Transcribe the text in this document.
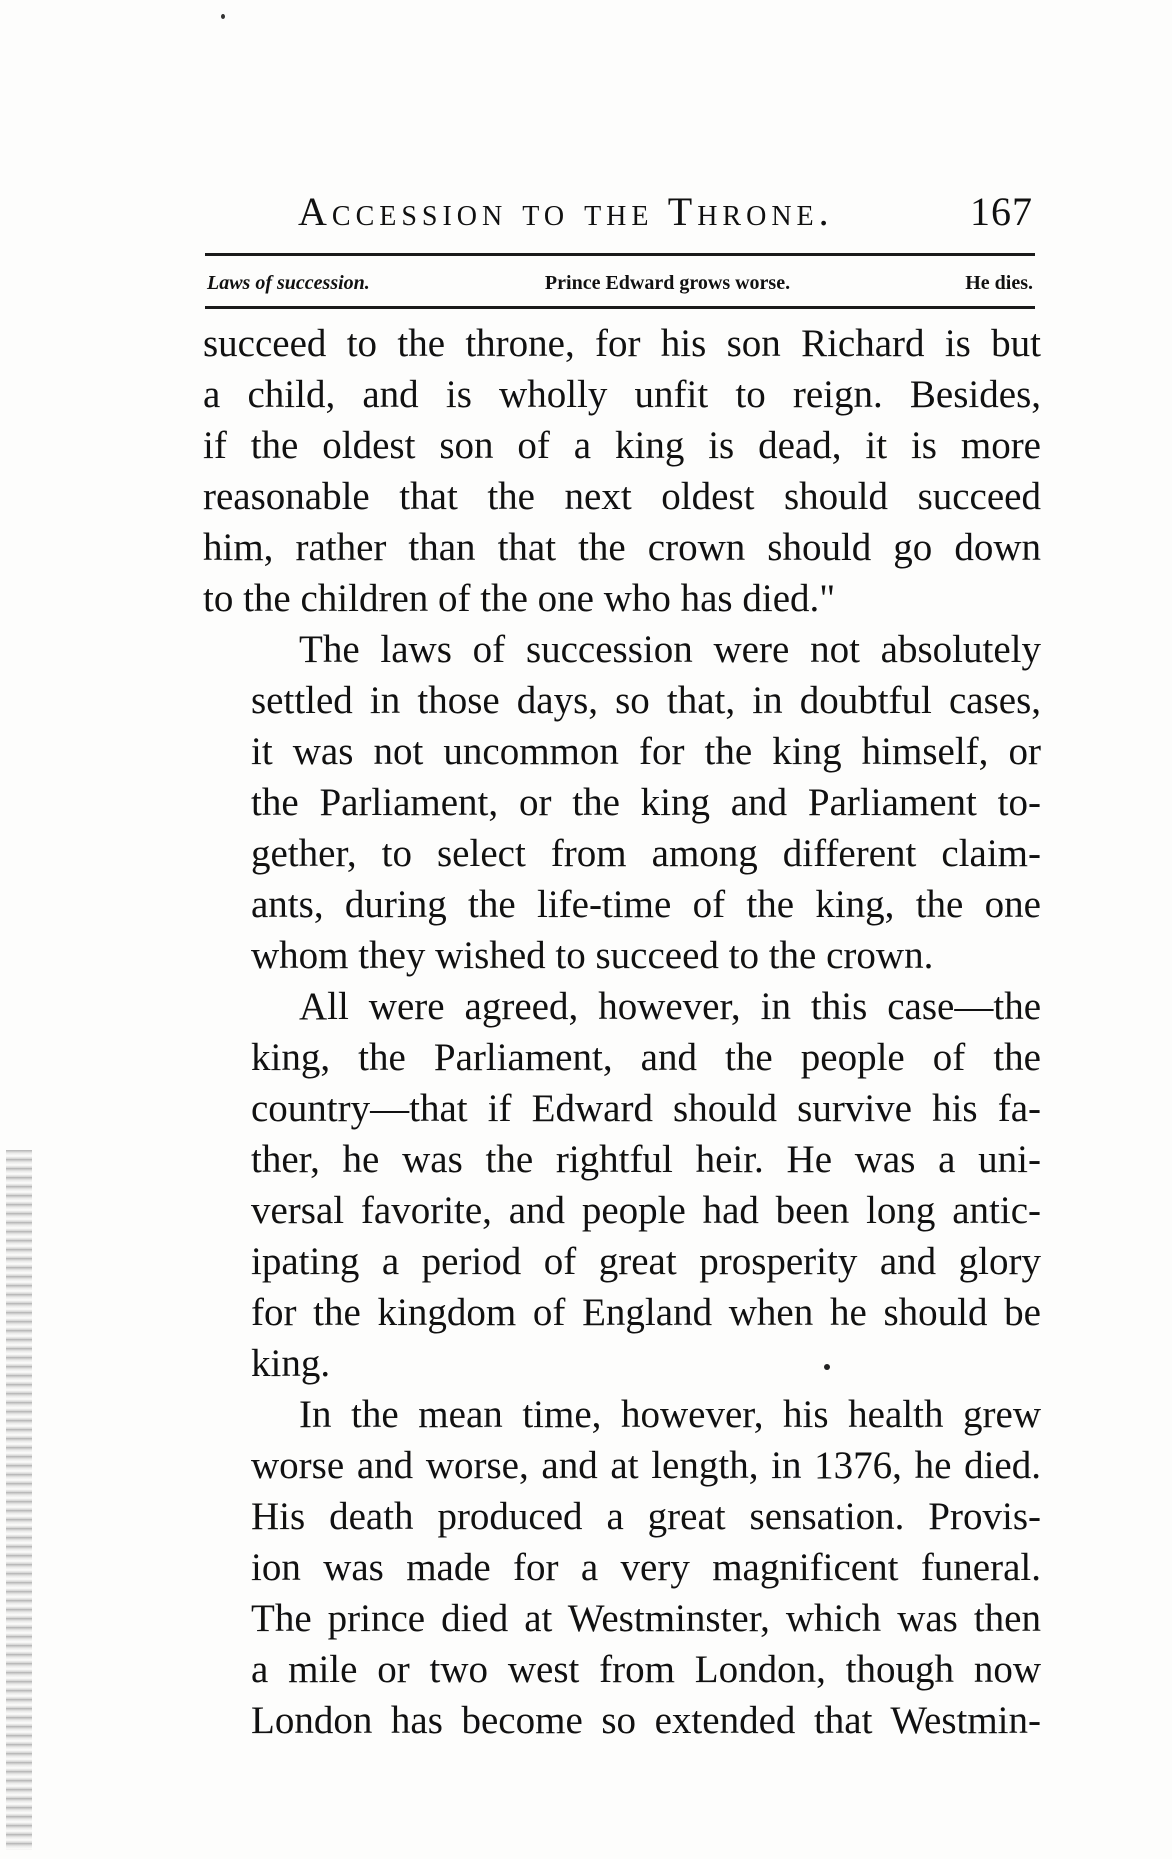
Accession to the Throne.	167
Laws of succession.	Prince Edward grows worse.	He dies.

succeed to the throne, for his son Richard is but
a child, and is wholly unfit to reign. Besides,
if the oldest son of a king is dead, it is more
reasonable that the next oldest should succeed
him, rather than that the crown should go down
to the children of the one who has died."

The laws of succession were not absolutely
settled in those days, so that, in doubtful cases,
it was not uncommon for the king himself, or
the Parliament, or the king and Parliament to-
gether, to select from among different claim-
ants, during the life-time of the king, the one
whom they wished to succeed to the crown.

All were agreed, however, in this case—the
king, the Parliament, and the people of the
country—that if Edward should survive his fa-
ther, he was the rightful heir. He was a uni-
versal favorite, and people had been long antic-
ipating a period of great prosperity and glory
for the kingdom of England when he should be
king.

In the mean time, however, his health grew
worse and worse, and at length, in 1376, he died.
His death produced a great sensation. Provis-
ion was made for a very magnificent funeral.
The prince died at Westminster, which was then
a mile or two west from London, though now
London has become so extended that Westmin-
